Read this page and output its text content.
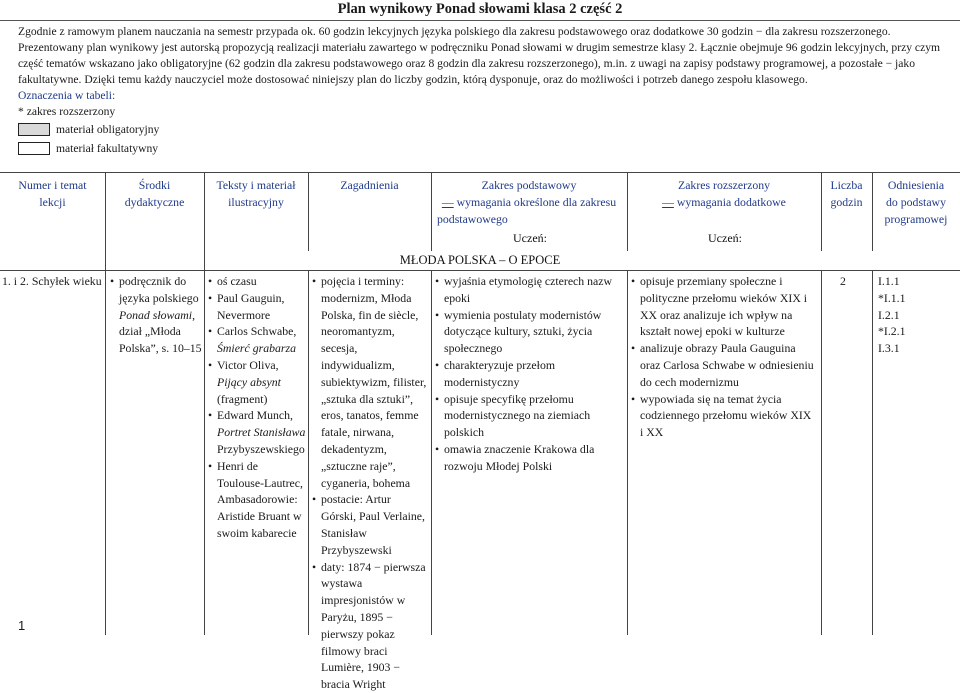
Plan wynikowy Ponad słowami klasa 2 część 2

Zgodnie z ramowym planem nauczania na semestr przypada ok. 60 godzin lekcyjnych języka polskiego dla zakresu podstawowego oraz dodatkowe 30 godzin − dla zakresu rozszerzonego.

Prezentowany plan wynikowy jest autorską propozycją realizacji materiału zawartego w podręczniku Ponad słowami w drugim semestrze klasy 2. Łącznie obejmuje 96 godzin lekcyjnych, przy czym część tematów wskazano jako obligatoryjne (62 godzin dla zakresu podstawowego oraz 8 godzin dla zakresu rozszerzonego), m.in. z uwagi na zapisy podstawy programowej, a pozostałe − jako fakultatywne. Dzięki temu każdy nauczyciel może dostosować niniejszy plan do liczby godzin, którą dysponuje, oraz do możliwości i potrzeb danego zespołu klasowego.

Oznaczenia w tabeli:

* zakres rozszerzony

materiał obligatoryjny
materiał fakultatywny
Numer i temat
lekcji
Środki
dydaktyczne
Teksty i materiał
ilustracyjny
Zagadnienia	Zakres podstawowy
— wymagania określone dla zakresu
podstawowego
Zakres rozszerzony
— wymagania dodatkowe
Liczba
godzin
Odniesienia
do podstawy
programowej
Uczeń:	Uczeń:
MŁODA POLSKA – O EPOCE
1. i 2. Schyłek wieku
•	podręcznik do języka polskiego Ponad słowami, dział „Młoda Polska”, s. 10–15
• oś czasu
• Paul Gauguin, Nevermore
• Carlos Schwabe, Śmierć grabarza
• Victor Oliva, Pijący absynt (fragment)
• Edward Munch, Portret Stanisława Przybyszewskiego
• Henri de Toulouse-Lautrec, Ambasadorowie: Aristide Bruant w swoim kabarecie
• pojęcia i terminy: modernizm, Młoda Polska, fin de siècle, neoromantyzm, secesja, indywidualizm, subiektywizm, filister, „sztuka dla sztuki”, eros, tanatos, femme fatale, nirwana, dekadentyzm, „sztuczne raje”, cyganeria, bohema
• postacie: Artur Górski, Paul Verlaine, Stanisław Przybyszewski
• daty: 1874 − pierwsza wystawa impresjonistów w Paryżu, 1895 − pierwszy pokaz filmowy braci Lumière, 1903 − bracia Wright
• wyjaśnia etymologię czterech nazw epoki
• wymienia postulaty modernistów dotyczące kultury, sztuki, życia społecznego
• charakteryzuje przełom modernistyczny
• opisuje specyfikę przełomu modernistycznego na ziemiach polskich
• omawia znaczenie Krakowa dla rozwoju Młodej Polski
• opisuje przemiany społeczne i polityczne przełomu wieków XIX i XX oraz analizuje ich wpływ na kształt nowej epoki w kulturze
• analizuje obrazy Paula Gauguina oraz Carlosa Schwabe w odniesieniu do cech modernizmu
• wypowiada się na temat życia codziennego przełomu wieków XIX i XX
2	I.1.1
*I.1.1
I.2.1
*I.2.1
I.3.1
1
